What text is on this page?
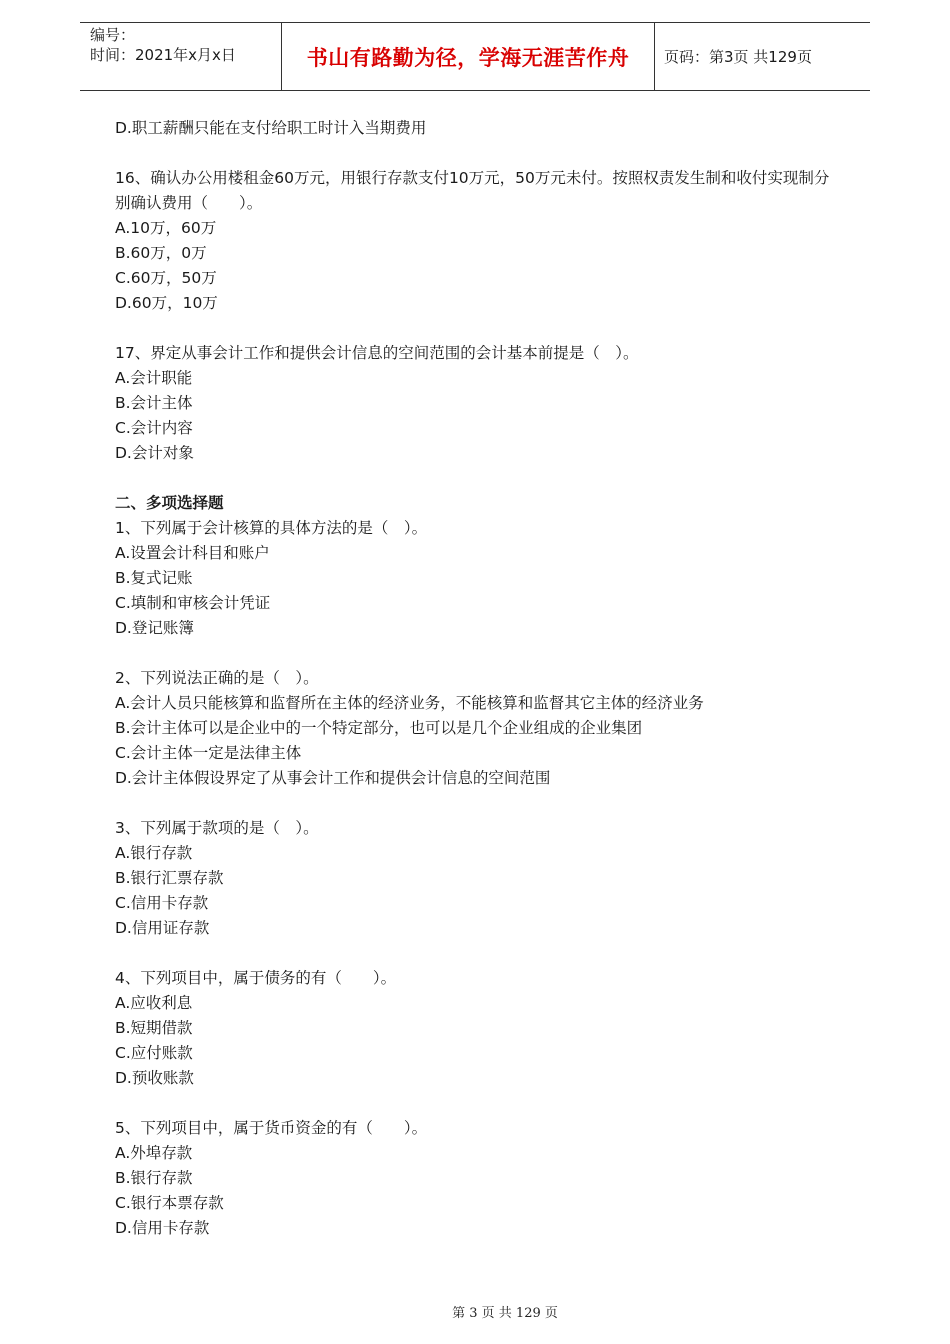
编号：
时间：2021年x月x日	书山有路勤为径，学海无涯苦作舟	页码：第3页 共129页

D.职工薪酬只能在支付给职工时计入当期费用

16、确认办公用楼租金60万元，用银行存款支付10万元，50万元未付。按照权责发生制和收付实现制分别确认费用（　　）。

A.10万，60万

B.60万，0万

C.60万，50万

D.60万，10万

17、界定从事会计工作和提供会计信息的空间范围的会计基本前提是（　）。

A.会计职能

B.会计主体

C.会计内容

D.会计对象

二、多项选择题

1、下列属于会计核算的具体方法的是（　）。

A.设置会计科目和账户

B.复式记账

C.填制和审核会计凭证

D.登记账簿

2、下列说法正确的是（　）。

A.会计人员只能核算和监督所在主体的经济业务，不能核算和监督其它主体的经济业务

B.会计主体可以是企业中的一个特定部分，也可以是几个企业组成的企业集团

C.会计主体一定是法律主体

D.会计主体假设界定了从事会计工作和提供会计信息的空间范围

3、下列属于款项的是（　）。

A.银行存款

B.银行汇票存款

C.信用卡存款

D.信用证存款

4、下列项目中，属于债务的有（　　）。

A.应收利息

B.短期借款

C.应付账款

D.预收账款

5、下列项目中，属于货币资金的有（　　）。

A.外埠存款

B.银行存款

C.银行本票存款

D.信用卡存款

第 3 页 共 129 页
